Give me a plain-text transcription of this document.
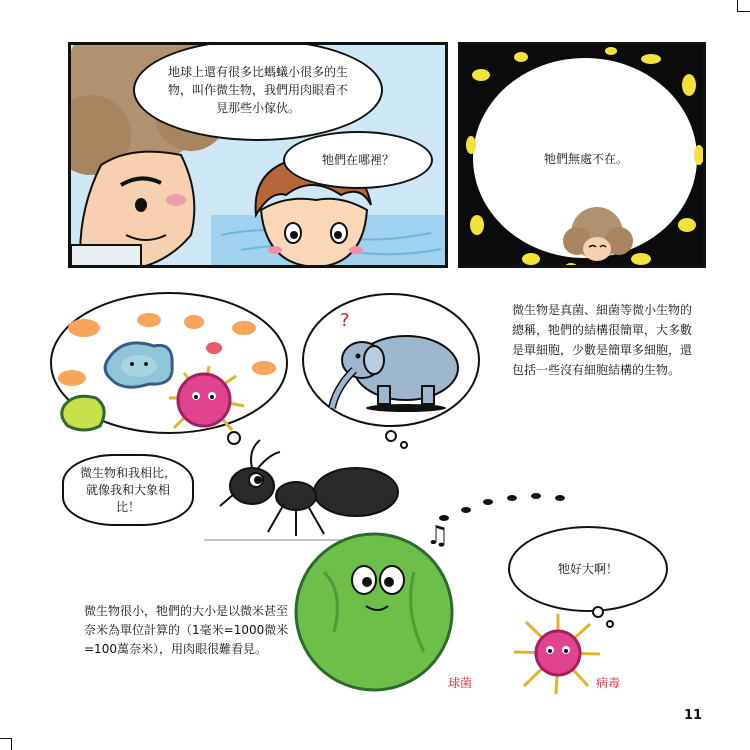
地球上還有很多比螞蟻小很多的生物，叫作微生物，我們用肉眼看不見那些小傢伙。
牠們在哪裡？	牠們無處不在。
?	微生物是真菌、細菌等微小生物的總稱，牠們的結構很簡單，大多數是單細胞，少數是簡單多細胞，還包括一些沒有細胞結構的生物。
微生物和我相比，就像我和大象相比！
♫
牠好大啊！
微生物很小，牠們的大小是以微米甚至奈米為單位計算的（1毫米=1000微米=100萬奈米），用肉眼很難看見。
球菌	病毒
11
